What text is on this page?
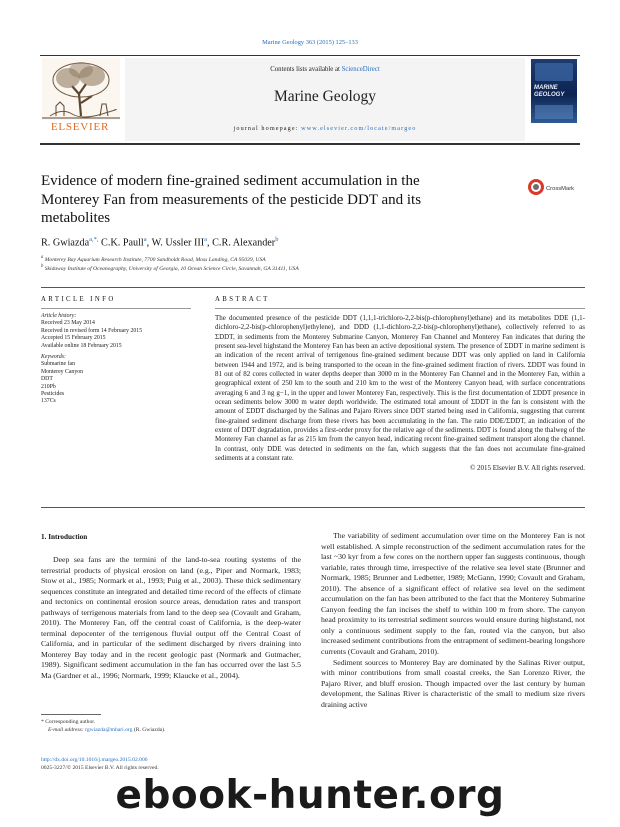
Marine Geology 363 (2015) 125–133
Contents lists available at ScienceDirect
Marine Geology
journal homepage: www.elsevier.com/locate/margeo
ELSEVIER
MARINE
GEOLOGY
Evidence of modern fine-grained sediment accumulation in the Monterey Fan from measurements of the pesticide DDT and its metabolites
CrossMark
R. Gwiazda$^{a,*,}$ C.K. Paull$^a$, W. Ussler III$^a$, C.R. Alexander$^b$
$^a$ Monterey Bay Aquarium Research Institute, 7700 Sandholdt Road, Moss Landing, CA 95039, USA
$^b$ Skidaway Institute of Oceanography, University of Georgia, 10 Ocean Science Circle, Savannah, GA 31411, USA
ARTICLE INFO	ABSTRACT
Article history:
Received 23 May 2014
Received in revised form 14 February 2015
Accepted 15 February 2015
Available online 18 February 2015
Keywords:
Submarine fan
Monterey Canyon
DDT
210Pb
Pesticides
137Cs
The documented presence of the pesticide DDT (1,1,1-trichloro-2,2-bis(p-chlorophenyl)ethane) and its metabolites DDE (1,1-dichloro-2,2-bis(p-chlorophenyl)ethylene), and DDD (1,1-dichloro-2,2-bis(p-chlorophenyl)ethane), collectively referred to as ΣDDT, in sediments from the Monterey Submarine Canyon, Monterey Fan Channel and Monterey Fan indicates that during the present sea-level highstand the Monterey Fan has been an active depositional system. The presence of ΣDDT in marine sediment is an indication of the recent arrival of terrigenous fine-grained sediment because DDT was only applied on land in California between 1944 and 1972, and is being transported to the ocean in the fine-grained sediment fraction of rivers. ΣDDT was found in 81 out of 82 cores collected in water depths deeper than 3000 m in the Monterey Fan Channel and in the Monterey Fan, within a geographical extent of 250 km to the south and 210 km to the west of the Monterey Canyon head, with surface concentrations averaging 6 and 3 ng g−1, in the upper and lower Monterey Fan, respectively. This is the first documentation of ΣDDT presence in ocean sediments below 3000 m water depth worldwide. The estimated total amount of ΣDDT in the fan is consistent with the amount of ΣDDT discharged by the Salinas and Pajaro Rivers since DDT started being used in California, suggesting that current fine-grained sediment discharge from these rivers has been accumulating in the fan. The ratio DDE/ΣDDT, an indication of the extent of DDT degradation, provides a first-order proxy for the relative age of the sediments. DDT is found along the thalweg of the Monterey Fan channel as far as 215 km from the canyon head, indicating recent fine-grained sediment transport along the channel. In contrast, only DDE was detected in sediments on the fan, which suggests that the fan does not accumulate fine-grained sediments at a constant rate.
© 2015 Elsevier B.V. All rights reserved.
1. Introduction

Deep sea fans are the termini of the land-to-sea routing systems of the terrestrial products of physical erosion on land (e.g., Piper and Normark, 1983; Stow et al., 1985; Normark et al., 1993; Puig et al., 2003). These thick sedimentary sequences constitute an integrated and detailed time record of the effects of climate and tectonics on continental erosion source areas, denudation rates and transport pathways of terrigenous materials from land to the deep sea (Covault and Graham, 2010). The Monterey Fan, off the central coast of California, is the deep-water terminal depocenter of the terrigenous fluvial output off the Central Coast of California, and in particular of the sediment discharged by rivers draining into Monterey Bay today and in the recent geologic past (Normark and Gutmacher, 1989). Significant sediment accumulation in the fan has occurred over the last 5.5 Ma (Gardner et al., 1996; Normark, 1999; Klaucke et al., 2004).

The variability of sediment accumulation over time on the Monterey Fan is not well established. A simple reconstruction of the sediment accumulation rates for the last ~30 kyr from a few cores on the northern upper fan suggests continuous, though variable, rates through time, irrespective of the relative sea level state (Brunner and Normark, 1985; Brunner and Ledbetter, 1989; McGann, 1990; Covault and Graham, 2010). The absence of a significant effect of relative sea level on the sediment accumulation on the fan has been attributed to the fact that the Monterey Submarine Canyon feeding the fan incises the shelf to within 100 m from shore. The canyon head proximity to its terrestrial sediment sources would ensure during highstand, not only a continuous sediment supply to the fan, routed via the canyon, but also increased sediment contributions from the entrapment of sediment-bearing longshore currents (Covault and Graham, 2010).

Sediment sources to Monterey Bay are dominated by the Salinas River output, with minor contributions from small coastal creeks, the San Lorenzo River, the Pajaro River, and bluff erosion. Though impacted over the last century by human development, the Salinas River is characteristic of the small to medium size rivers draining active

* Corresponding author.
E-mail address: rgwiazda@mbari.org (R. Gwiazda).
http://dx.doi.org/10.1016/j.margeo.2015.02.006
0025-3227/© 2015 Elsevier B.V. All rights reserved.
ebook-hunter.org
